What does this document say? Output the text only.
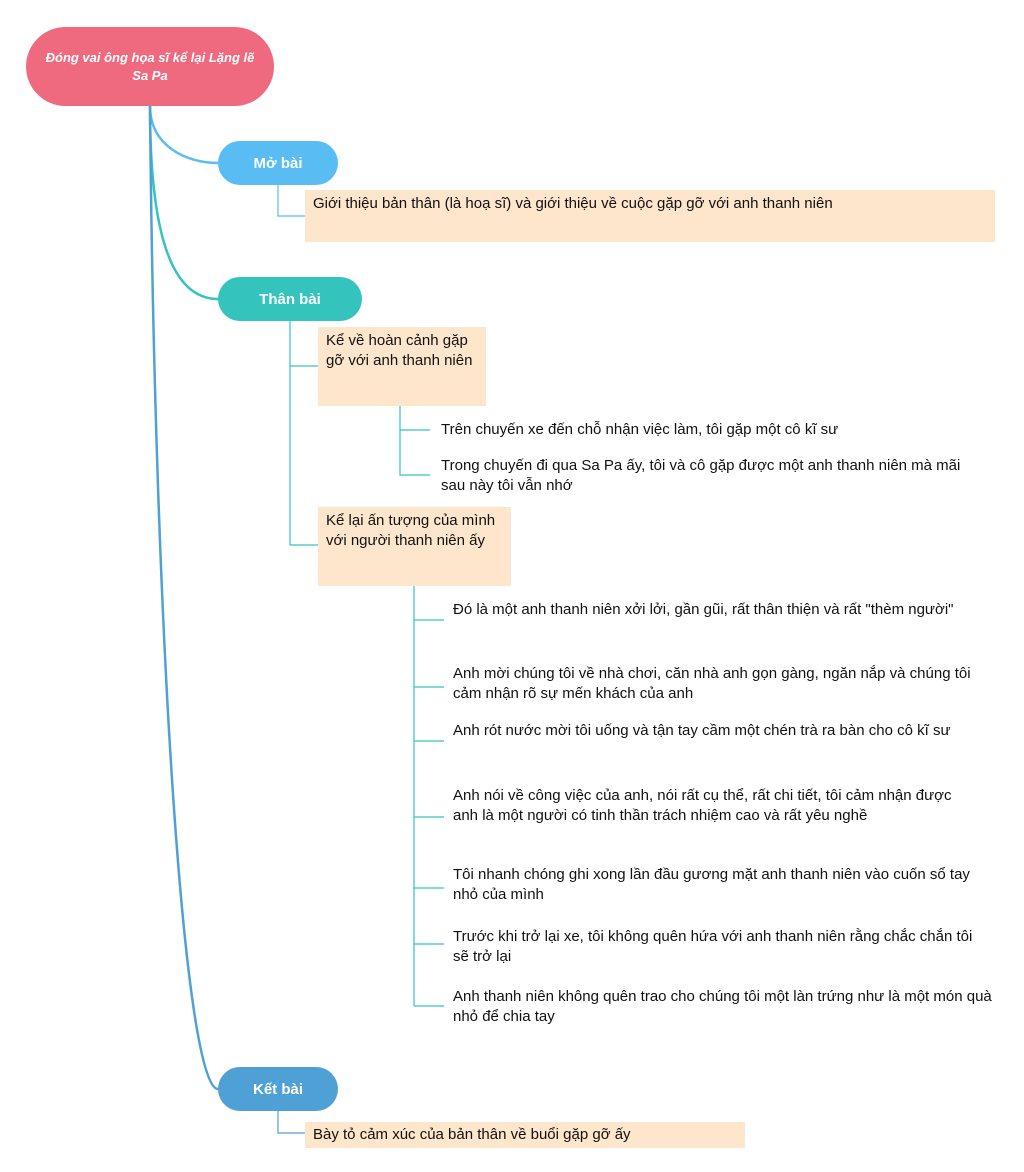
Đóng vai ông họa sĩ kể lại Lặng lẽ Sa Pa
Mở bài
Giới thiệu bản thân (là hoạ sĩ) và giới thiệu về cuộc gặp gỡ với anh thanh niên
Thân bài
Kể về hoàn cảnh gặp gỡ với anh thanh niên
Trên chuyến xe đến chỗ nhận việc làm, tôi gặp một cô kĩ sư
Trong chuyến đi qua Sa Pa ấy, tôi và cô gặp được một anh thanh niên mà mãi sau này tôi vẫn nhớ
Kể lại ấn tượng của mình với người thanh niên ấy
Đó là một anh thanh niên xởi lởi, gần gũi, rất thân thiện và rất "thèm người"
Anh mời chúng tôi về nhà chơi, căn nhà anh gọn gàng, ngăn nắp và chúng tôi cảm nhận rõ sự mến khách của anh
Anh rót nước mời tôi uống và tận tay cầm một chén trà ra bàn cho cô kĩ sư
Anh nói về công việc của anh, nói rất cụ thể, rất chi tiết, tôi cảm nhận được anh là một người có tinh thần trách nhiệm cao và rất yêu nghề
Tôi nhanh chóng ghi xong lần đầu gương mặt anh thanh niên vào cuốn sổ tay nhỏ của mình
Trước khi trở lại xe, tôi không quên hứa với anh thanh niên rằng chắc chắn tôi sẽ trở lại
Anh thanh niên không quên trao cho chúng tôi một làn trứng như là một món quà nhỏ để chia tay
Kết bài
Bày tỏ cảm xúc của bản thân về buổi gặp gỡ ấy
